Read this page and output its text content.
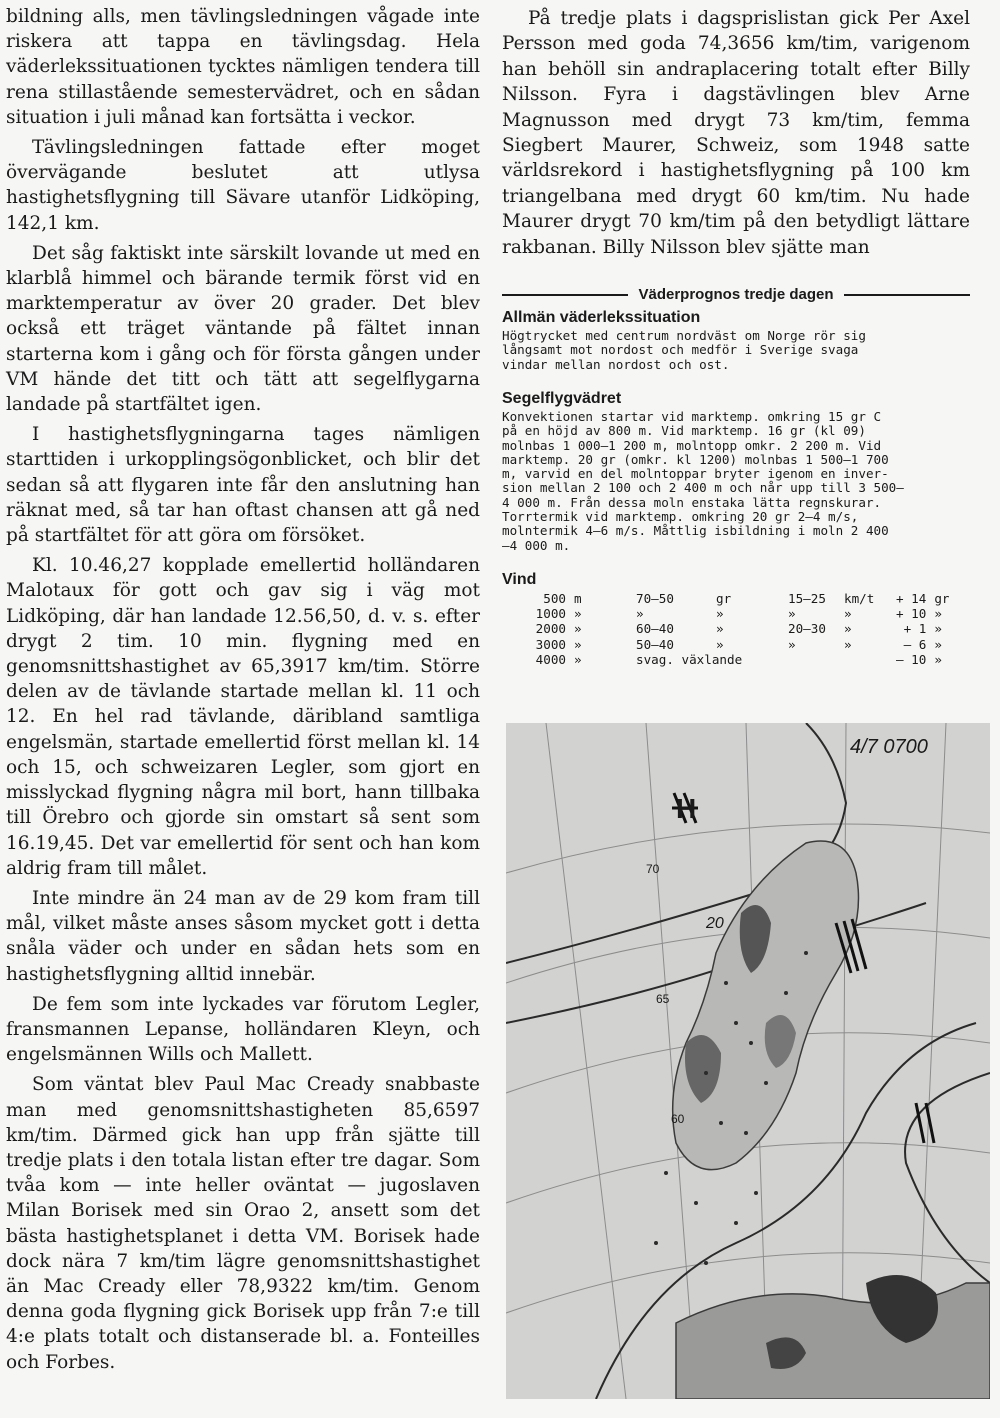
bildning alls, men tävlingsledningen vågade inte riskera att tappa en tävlingsdag. Hela väderlekssituationen tycktes nämligen tendera till rena stillastående semestervädret, och en sådan situation i juli månad kan fortsätta i veckor.

Tävlingsledningen fattade efter moget övervägande beslutet att utlysa hastighetsflygning till Sävare utanför Lidköping, 142,1 km.

Det såg faktiskt inte särskilt lovande ut med en klarblå himmel och bärande termik först vid en marktemperatur av över 20 grader. Det blev också ett träget väntande på fältet innan starterna kom i gång och för första gången under VM hände det titt och tätt att segelflygarna landade på startfältet igen.

I hastighetsflygningarna tages nämligen starttiden i urkopplingsögonblicket, och blir det sedan så att flygaren inte får den anslutning han räknat med, så tar han oftast chansen att gå ned på startfältet för att göra om försöket.

Kl. 10.46,27 kopplade emellertid holländaren Malotaux för gott och gav sig i väg mot Lidköping, där han landade 12.56,50, d. v. s. efter drygt 2 tim. 10 min. flygning med en genomsnittshastighet av 65,3917 km/tim. Större delen av de tävlande startade mellan kl. 11 och 12. En hel rad tävlande, däribland samtliga engelsmän, startade emellertid först mellan kl. 14 och 15, och schweizaren Legler, som gjort en misslyckad flygning några mil bort, hann tillbaka till Örebro och gjorde sin omstart så sent som 16.19,45. Det var emellertid för sent och han kom aldrig fram till målet.

Inte mindre än 24 man av de 29 kom fram till mål, vilket måste anses såsom mycket gott i detta snåla väder och under en sådan hets som en hastighetsflygning alltid innebär.

De fem som inte lyckades var förutom Legler, fransmannen Lepanse, holländaren Kleyn, och engelsmännen Wills och Mallett.

Som väntat blev Paul Mac Cready snabbaste man med genomsnittshastigheten 85,6597 km/tim. Därmed gick han upp från sjätte till tredje plats i den totala listan efter tre dagar. Som tvåa kom — inte heller oväntat — jugoslaven Milan Borisek med sin Orao 2, ansett som det bästa hastighetsplanet i detta VM. Borisek hade dock nära 7 km/tim lägre genomsnittshastighet än Mac Cready eller 78,9322 km/tim. Genom denna goda flygning gick Borisek upp från 7:e till 4:e plats totalt och distanserade bl. a. Fonteilles och Forbes.

På tredje plats i dagsprislistan gick Per Axel Persson med goda 74,3656 km/tim, varigenom han behöll sin andraplacering totalt efter Billy Nilsson. Fyra i dagstävlingen blev Arne Magnusson med drygt 73 km/tim, femma Siegbert Maurer, Schweiz, som 1948 satte världsrekord i hastighetsflygning på 100 km triangelbana med drygt 60 km/tim. Nu hade Maurer drygt 70 km/tim på den betydligt lättare rakbanan. Billy Nilsson blev sjätte man

Väderprognos tredje dagen
Allmän väderlekssituation

Högtrycket med centrum nordväst om Norge rör sig
långsamt mot nordost och medför i Sverige svaga
vindar mellan nordost och ost.

Segelflygvädret

Konvektionen startar vid marktemp. omkring 15 gr C
på en höjd av 800 m. Vid marktemp. 16 gr (kl 09)
molnbas 1 000—1 200 m, molntopp omkr. 2 200 m. Vid
marktemp. 20 gr (omkr. kl 1200) molnbas 1 500—1 700
m, varvid en del molntoppar bryter igenom en inver-
sion mellan 2 100 och 2 400 m och når upp till 3 500—
4 000 m. Från dessa moln enstaka lätta regnskurar.
Torrtermik vid marktemp. omkring 20 gr 2—4 m/s,
molntermik 4—6 m/s. Måttlig isbildning i moln 2 400
—4 000 m.

Vind
500	m	70—50	gr	15—25	km/t	+ 14	gr
1000	»	»	»	»	»	+ 10	»
2000	»	60—40	»	20—30	»	+ 1	»
3000	»	50—40	»	»	»	— 6	»
4000	»	svag. växlande				— 10	»
4/7 0700
70
65
60
20
H
